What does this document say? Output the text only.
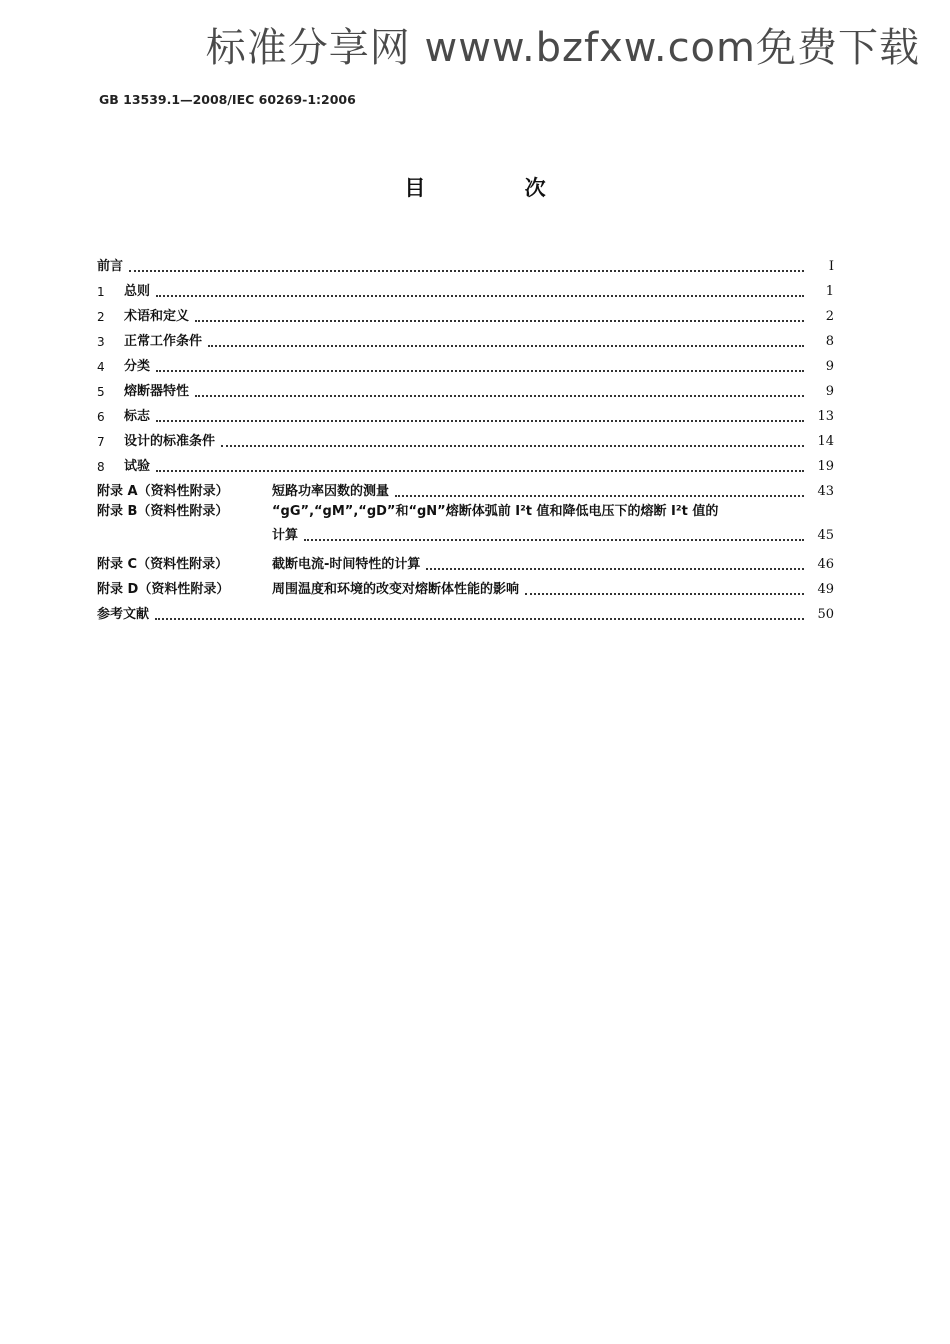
标准分享网 www.bzfxw.com免费下载
GB 13539.1—2008/IEC 60269-1:2006
目 次
前言	Ⅰ
1	总则	1
2	术语和定义	2
3	正常工作条件	8
4	分类	9
5	熔断器特性	9
6	标志	13
7	设计的标准条件	14
8	试验	19
附录 A（资料性附录）	短路功率因数的测量	43
附录 B（资料性附录）	“gG”,“gM”,“gD”和“gN”熔断体弧前 I²t 值和降低电压下的熔断 I²t 值的
计算	45
附录 C（资料性附录）	截断电流-时间特性的计算	46
附录 D（资料性附录）	周围温度和环境的改变对熔断体性能的影响	49
参考文献	50
